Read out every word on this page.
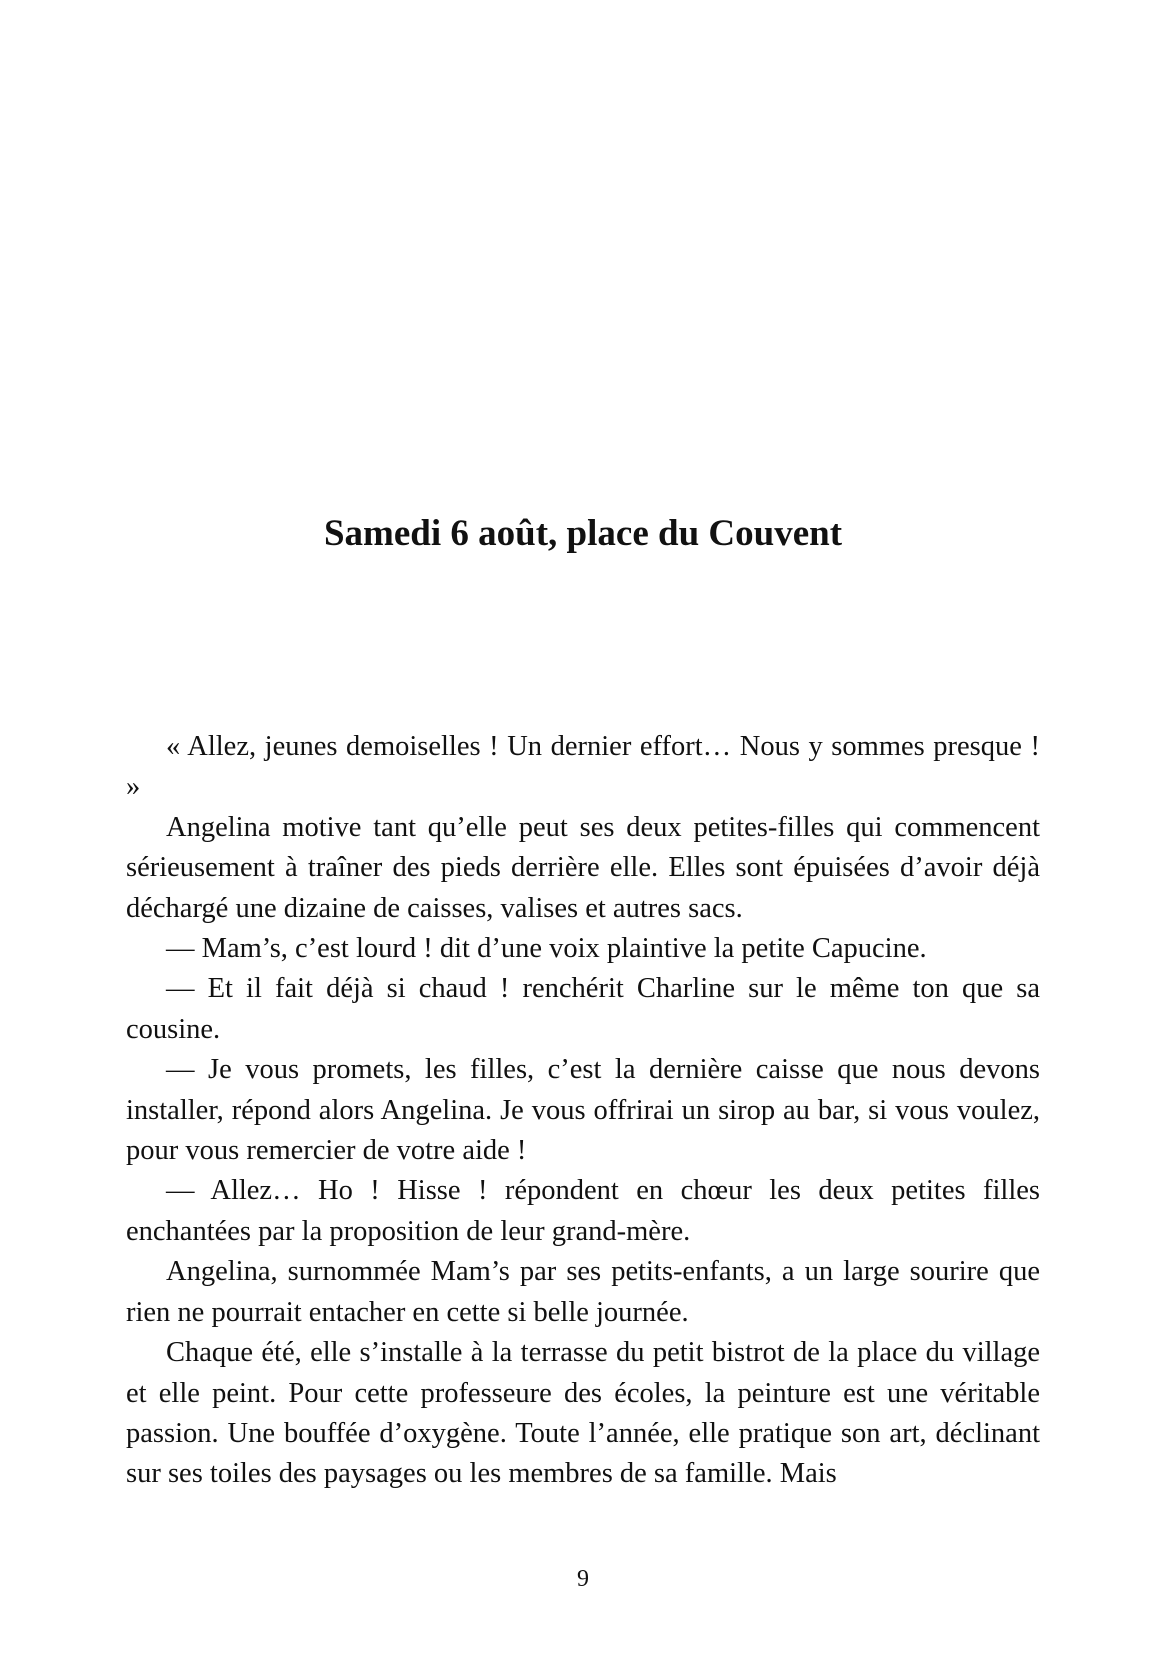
Samedi 6 août, place du Couvent

« Allez, jeunes demoiselles ! Un dernier effort… Nous y sommes presque ! »

Angelina motive tant qu’elle peut ses deux petites-filles qui commencent sérieusement à traîner des pieds derrière elle. Elles sont épuisées d’avoir déjà déchargé une dizaine de caisses, valises et autres sacs.

— Mam’s, c’est lourd ! dit d’une voix plaintive la petite Capucine.

— Et il fait déjà si chaud ! renchérit Charline sur le même ton que sa cousine.

— Je vous promets, les filles, c’est la dernière caisse que nous devons installer, répond alors Angelina. Je vous offrirai un sirop au bar, si vous voulez, pour vous remercier de votre aide !

— Allez… Ho ! Hisse ! répondent en chœur les deux petites filles enchantées par la proposition de leur grand-mère.

Angelina, surnommée Mam’s par ses petits-enfants, a un large sourire que rien ne pourrait entacher en cette si belle journée.

Chaque été, elle s’installe à la terrasse du petit bistrot de la place du village et elle peint. Pour cette professeure des écoles, la peinture est une véritable passion. Une bouffée d’oxygène. Toute l’année, elle pratique son art, déclinant sur ses toiles des paysages ou les membres de sa famille. Mais

9
